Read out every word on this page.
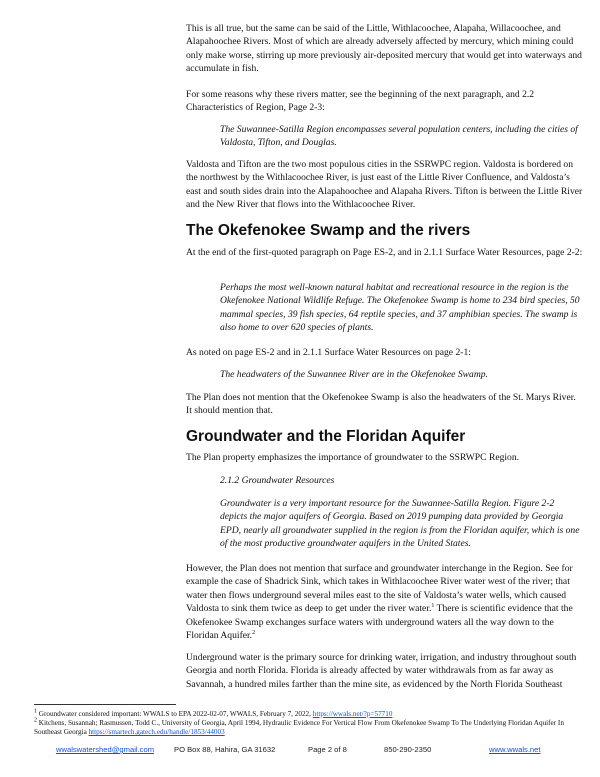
This is all true, but the same can be said of the Little, Withlacoochee, Alapaha, Willacoochee, and Alapahoochee Rivers. Most of which are already adversely affected by mercury, which mining could only make worse, stirring up more previously air-deposited mercury that would get into waterways and accumulate in fish.

For some reasons why these rivers matter, see the beginning of the next paragraph, and 2.2 Characteristics of Region, Page 2-3:

The Suwannee-Satilla Region encompasses several population centers, including the cities of Valdosta, Tifton, and Douglas.

Valdosta and Tifton are the two most populous cities in the SSRWPC region. Valdosta is bordered on the northwest by the Withlacoochee River, is just east of the Little River Confluence, and Valdosta’s east and south sides drain into the Alapahoochee and Alapaha Rivers. Tifton is between the Little River and the New River that flows into the Withlacoochee River.

The Okefenokee Swamp and the rivers

At the end of the first-quoted paragraph on Page ES-2, and in 2.1.1 Surface Water Resources, page 2-2:

Perhaps the most well-known natural habitat and recreational resource in the region is the Okefenokee National Wildlife Refuge. The Okefenokee Swamp is home to 234 bird species, 50 mammal species, 39 fish species, 64 reptile species, and 37 amphibian species. The swamp is also home to over 620 species of plants.

As noted on page ES-2 and in 2.1.1 Surface Water Resources on page 2-1:

The headwaters of the Suwannee River are in the Okefenokee Swamp.

The Plan does not mention that the Okefenokee Swamp is also the headwaters of the St. Marys River. It should mention that.

Groundwater and the Floridan Aquifer

The Plan property emphasizes the importance of groundwater to the SSRWPC Region.

2.1.2 Groundwater Resources

Groundwater is a very important resource for the Suwannee-Satilla Region. Figure 2-2 depicts the major aquifers of Georgia. Based on 2019 pumping data provided by Georgia EPD, nearly all groundwater supplied in the region is from the Floridan aquifer, which is one of the most productive groundwater aquifers in the United States.

However, the Plan does not mention that surface and groundwater interchange in the Region. See for example the case of Shadrick Sink, which takes in Withlacoochee River water west of the river; that water then flows underground several miles east to the site of Valdosta’s water wells, which caused Valdosta to sink them twice as deep to get under the river water.$^1$ There is scientific evidence that the Okefenokee Swamp exchanges surface waters with underground waters all the way down to the Floridan Aquifer.$^2$

Underground water is the primary source for drinking water, irrigation, and industry throughout south Georgia and north Florida. Florida is already affected by water withdrawals from as far away as Savannah, a hundred miles farther than the mine site, as evidenced by the North Florida Southeast

$^1$ Groundwater considered important: WWALS to EPA 2022-02-07, WWALS, February 7, 2022, https://wwals.net/?p=57710

$^2$ Kitchens, Susannah; Rasmussen, Todd C., University of Georgia, April 1994, Hydraulic Evidence For Vertical Flow From Okefenokee Swamp To The Underlying Floridan Aquifer In Southeast Georgia https://smartech.gatech.edu/handle/1853/44003

wwalswatershed@gmail.com	PO Box 88, Hahira, GA 31632	Page 2 of 8	850-290-2350	www.wwals.net
